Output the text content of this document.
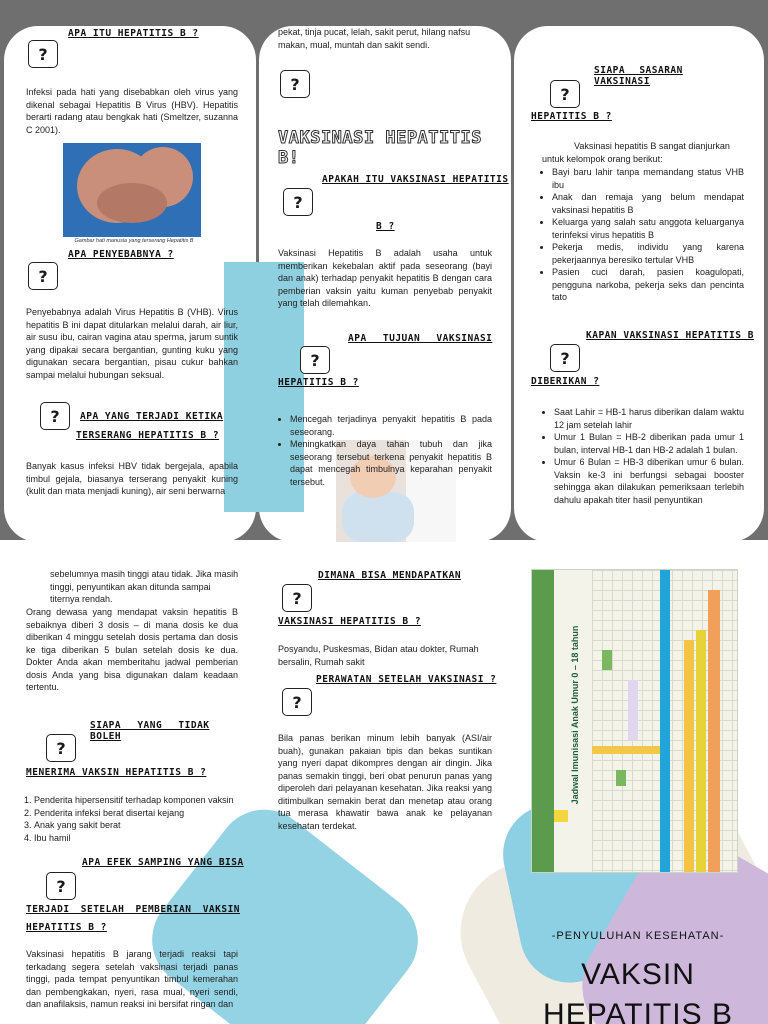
?
APA ITU HEPATITIS B ?
Infeksi pada hati yang disebabkan oleh virus yang dikenal sebagai Hepatitis B Virus (HBV). Hepatitis berarti radang atau bengkak hati (Smeltzer, suzanna C 2001).
Gambar hati manusia yang terserang Hepatitis B
?
APA PENYEBABNYA ?
Penyebabnya adalah Virus Hepatitis B (VHB). Virus hepatitis B ini dapat ditularkan melalui darah, air liur, air susu ibu, cairan vagina atau sperma, jarum suntik yang dipakai secara bergantian, gunting kuku yang digunakan secara bergantian, pisau cukur bahkan sampai melalui hubungan seksual.
?	APA YANG TERJADI KETIKA
TERSERANG HEPATITIS B ?
Banyak kasus infeksi HBV tidak bergejala, apabila timbul gejala, biasanya terserang penyakit kuning (kulit dan mata menjadi kuning), air seni berwarna
pekat, tinja pucat, lelah, sakit perut, hilang nafsu makan, mual, muntah dan sakit sendi.
?
VAKSINASI HEPATITIS B!
?
APAKAH ITU VAKSINASI HEPATITIS
B ?
Vaksinasi Hepatitis B adalah usaha untuk memberikan kekebalan aktif pada seseorang (bayi dan anak) terhadap penyakit hepatitis B dengan cara pemberian vaksin yaitu kuman penyebab penyakit yang telah dilemahkan.
?
APA TUJUAN VAKSINASI
HEPATITIS B ?
• Mencegah terjadinya penyakit hepatitis B pada seseorang.
• Meningkatkan daya tahan tubuh dan jika seseorang tersebut terkena penyakit hepatitis B dapat mencegah timbulnya keparahan penyakit tersebut.
SIAPA SASARAN VAKSINASI
?
HEPATITIS B ?
Vaksinasi hepatitis B sangat dianjurkan untuk kelompok orang berikut:
• Bayi baru lahir tanpa memandang status VHB ibu
• Anak dan remaja yang belum mendapat vaksinasi hepatitis B
• Keluarga yang salah satu anggota keluarganya terinfeksi virus hepatitis B
• Pekerja medis, individu yang karena pekerjaannya beresiko tertular VHB
• Pasien cuci darah, pasien koagulopati, pengguna narkoba, pekerja seks dan pencinta tato
KAPAN VAKSINASI HEPATITIS B
?
DIBERIKAN ?
• Saat Lahir = HB-1 harus diberikan dalam waktu 12 jam setelah lahir
• Umur 1 Bulan = HB-2 diberikan pada umur 1 bulan, interval HB-1 dan HB-2 adalah 1 bulan.
• Umur 6 Bulan = HB-3 diberikan umur 6 bulan. Vaksin ke-3 ini berfungsi sebagai booster sehingga akan dilakukan pemeriksaan terlebih dahulu apakah titer hasil penyuntikan
sebelumnya masih tinggi atau tidak. Jika masih tinggi, penyuntikan akan ditunda sampai titernya rendah.
Orang dewasa yang mendapat vaksin hepatitis B sebaiknya diberi 3 dosis – di mana dosis ke dua diberikan 4 minggu setelah dosis pertama dan dosis ke tiga diberikan 5 bulan setelah dosis ke dua. Dokter Anda akan memberitahu jadwal pemberian dosis Anda yang bisa digunakan dalam keadaan tertentu.
SIAPA YANG TIDAK BOLEH
?
MENERIMA VAKSIN HEPATITIS B ?
1. Penderita hipersensitif terhadap komponen vaksin
2. Penderita infeksi berat disertai kejang
3. Anak yang sakit berat
4. Ibu hamil
APA EFEK SAMPING YANG BISA
?
TERJADI SETELAH PEMBERIAN VAKSIN
HEPATITIS B ?
Vaksinasi hepatitis B jarang terjadi reaksi tapi terkadang segera setelah vaksinasi terjadi panas tinggi, pada tempat penyuntikan timbul kemerahan dan pembengkakan, nyeri, rasa mual, nyeri sendi, dan anafilaksis, namun reaksi ini bersifat ringan dan
DIMANA BISA MENDAPATKAN
?
VAKSINASI HEPATITIS B ?
Posyandu, Puskesmas, Bidan atau dokter, Rumah bersalin, Rumah sakit
PERAWATAN SETELAH VAKSINASI ?
?
Bila panas berikan minum lebih banyak (ASI/air buah), gunakan pakaian tipis dan bekas suntikan yang nyeri dapat dikompres dengan air dingin. Jika panas semakin tinggi, beri obat penurun panas yang diperoleh dari pelayanan kesehatan. Jika reaksi yang ditimbulkan semakin berat dan menetap atau orang tua merasa khawatir bawa anak ke pelayanan kesehatan terdekat.
Jadwal Imunisasi Anak Umur 0 – 18 tahun
-PENYULUHAN KESEHATAN-
VAKSIN
HEPATITIS B
